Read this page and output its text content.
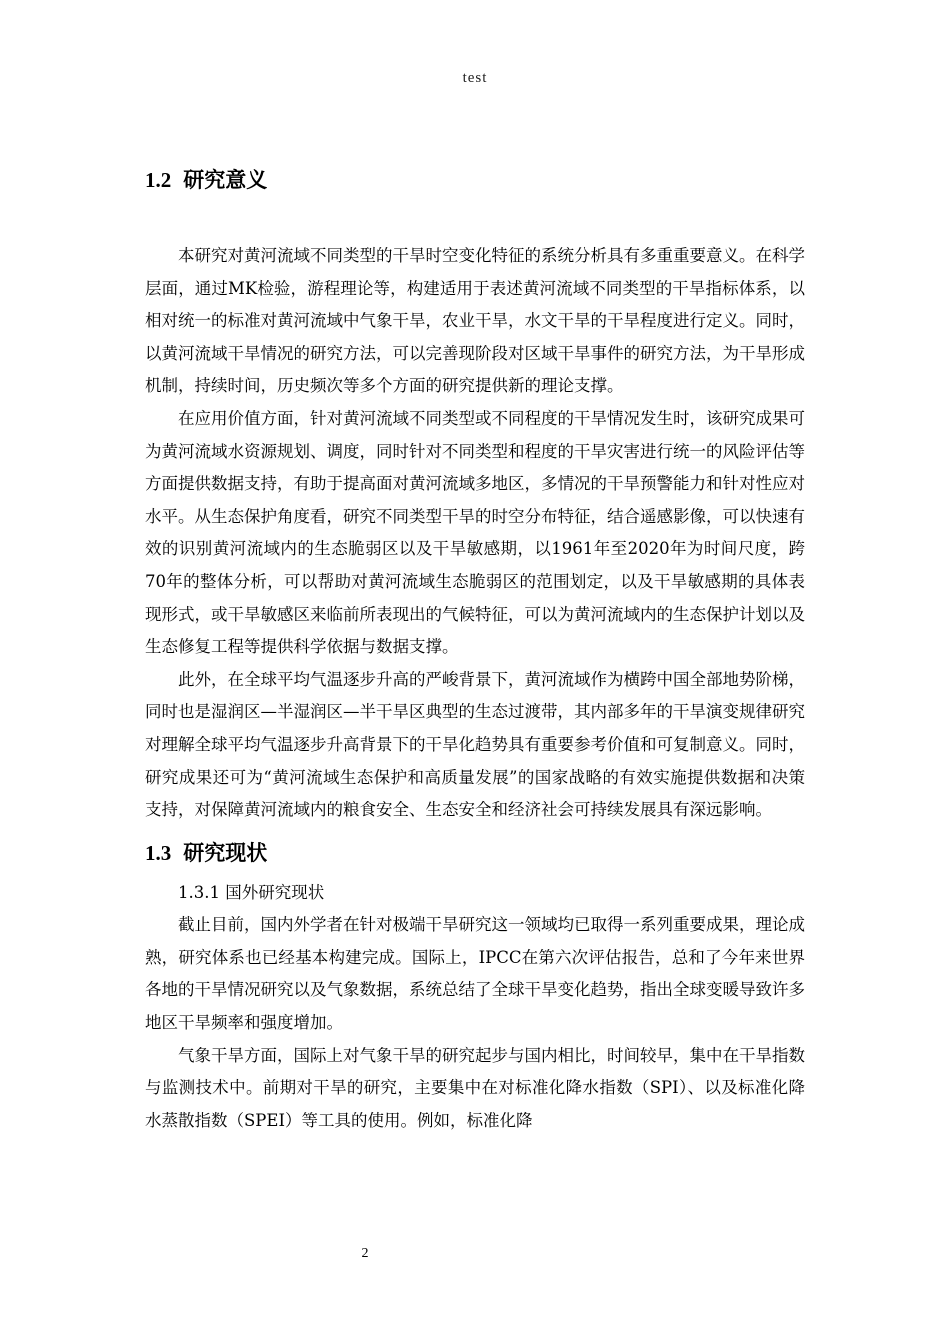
test
1.2 研究意义

本研究对黄河流域不同类型的干旱时空变化特征的系统分析具有多重重要意义。在科学层面，通过MK检验，游程理论等，构建适用于表述黄河流域不同类型的干旱指标体系，以相对统一的标准对黄河流域中气象干旱，农业干旱，水文干旱的干旱程度进行定义。同时，以黄河流域干旱情况的研究方法，可以完善现阶段对区域干旱事件的研究方法，为干旱形成机制，持续时间，历史频次等多个方面的研究提供新的理论支撑。

在应用价值方面，针对黄河流域不同类型或不同程度的干旱情况发生时，该研究成果可为黄河流域水资源规划、调度，同时针对不同类型和程度的干旱灾害进行统一的风险评估等方面提供数据支持，有助于提高面对黄河流域多地区，多情况的干旱预警能力和针对性应对水平。从生态保护角度看，研究不同类型干旱的时空分布特征，结合遥感影像，可以快速有效的识别黄河流域内的生态脆弱区以及干旱敏感期，以1961年至2020年为时间尺度，跨70年的整体分析，可以帮助对黄河流域生态脆弱区的范围划定，以及干旱敏感期的具体表现形式，或干旱敏感区来临前所表现出的气候特征，可以为黄河流域内的生态保护计划以及生态修复工程等提供科学依据与数据支撑。

此外，在全球平均气温逐步升高的严峻背景下，黄河流域作为横跨中国全部地势阶梯，同时也是湿润区—半湿润区—半干旱区典型的生态过渡带，其内部多年的干旱演变规律研究对理解全球平均气温逐步升高背景下的干旱化趋势具有重要参考价值和可复制意义。同时，研究成果还可为“黄河流域生态保护和高质量发展”的国家战略的有效实施提供数据和决策支持，对保障黄河流域内的粮食安全、生态安全和经济社会可持续发展具有深远影响。

1.3 研究现状
1.3.1 国外研究现状

截止目前，国内外学者在针对极端干旱研究这一领域均已取得一系列重要成果，理论成熟，研究体系也已经基本构建完成。国际上，IPCC在第六次评估报告，总和了今年来世界各地的干旱情况研究以及气象数据，系统总结了全球干旱变化趋势，指出全球变暖导致许多地区干旱频率和强度增加。

气象干旱方面，国际上对气象干旱的研究起步与国内相比，时间较早，集中在干旱指数与监测技术中。前期对干旱的研究，主要集中在对标准化降水指数（SPI）、以及标准化降水蒸散指数（SPEI）等工具的使用。例如，标准化降

2
